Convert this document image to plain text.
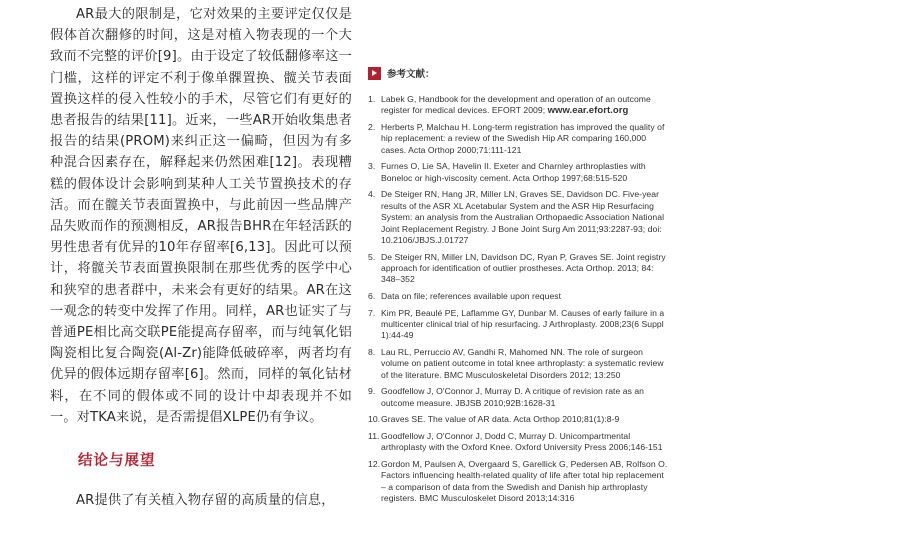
AR最大的限制是，它对效果的主要评定仅仅是假体首次翻修的时间，这是对植入物表现的一个大致而不完整的评价[9]。由于设定了较低翻修率这一门槛，这样的评定不利于像单髁置换、髋关节表面置换这样的侵入性较小的手术，尽管它们有更好的患者报告的结果[11]。近来，一些AR开始收集患者报告的结果(PROM)来纠正这一偏畸，但因为有多种混合因素存在，解释起来仍然困难[12]。表现糟糕的假体设计会影响到某种人工关节置换技术的存活。而在髋关节表面置换中，与此前因一些品牌产品失败而作的预测相反，AR报告BHR在年轻活跃的男性患者有优异的10年存留率[6,13]。因此可以预计，将髋关节表面置换限制在那些优秀的医学中心和狭窄的患者群中，未来会有更好的结果。AR在这一观念的转变中发挥了作用。同样，AR也证实了与普通PE相比高交联PE能提高存留率，而与纯氧化铝陶瓷相比复合陶瓷(Al-Zr)能降低破碎率，两者均有优异的假体远期存留率[6]。然而，同样的氧化钴材料，在不同的假体或不同的设计中却表现并不如一。对TKA来说，是否需提倡XLPE仍有争议。

结论与展望

AR提供了有关植入物存留的高质量的信息，

参考文献：
1. Labek G, Handbook for the development and operation of an outcome register for medical devices. EFORT 2009; www.ear.efort.org
2. Herberts P, Malchau H. Long-term registration has improved the quality of hip replacement: a review of the Swedish Hip AR comparing 160,000 cases. Acta Orthop 2000;71:111-121
3. Furnes O, Lie SA, Havelin II. Exeter and Charnley arthroplasties with Boneloc or high-viscosity cement. Acta Orthop 1997;68:515-520
4. De Steiger RN, Hang JR, Miller LN, Graves SE, Davidson DC. Five-year results of the ASR XL Acetabular System and the ASR Hip Resurfacing System: an analysis from the Australian Orthopaedic Association National Joint Replacement Registry. J Bone Joint Surg Am 2011;93:2287-93; doi: 10.2106/JBJS.J.01727
5. De Steiger RN, Miller LN, Davidson DC, Ryan P, Graves SE. Joint registry approach for identification of outlier prostheses. Acta Orthop. 2013; 84: 348–352
6. Data on file; references available upon request
7. Kim PR, Beaulé PE, Laflamme GY, Dunbar M. Causes of early failure in a multicenter clinical trial of hip resurfacing. J Arthroplasty. 2008;23(6 Suppl 1):44-49
8. Lau RL, Perruccio AV, Gandhi R, Mahomed NN. The role of surgeon volume on patient outcome in total knee arthroplasty: a systematic review of the literature. BMC Musculoskeletal Disorders 2012; 13:250
9. Goodfellow J, O'Connor J, Murray D. A critique of revision rate as an outcome measure. JBJSB 2010;92B:1628-31
10. Graves SE. The value of AR data. Acta Orthop 2010;81(1):8-9
11. Goodfellow J, O'Connor J, Dodd C, Murray D. Unicompartmental arthroplasty with the Oxford Knee. Oxford University Press 2006;146-151
12. Gordon M, Paulsen A, Overgaard S, Garellick G, Pedersen AB, Rolfson O. Factors influencing health-related quality of life after total hip replacement – a comparison of data from the Swedish and Danish hip arthroplasty registers. BMC Musculoskelet Disord 2013;14:316
